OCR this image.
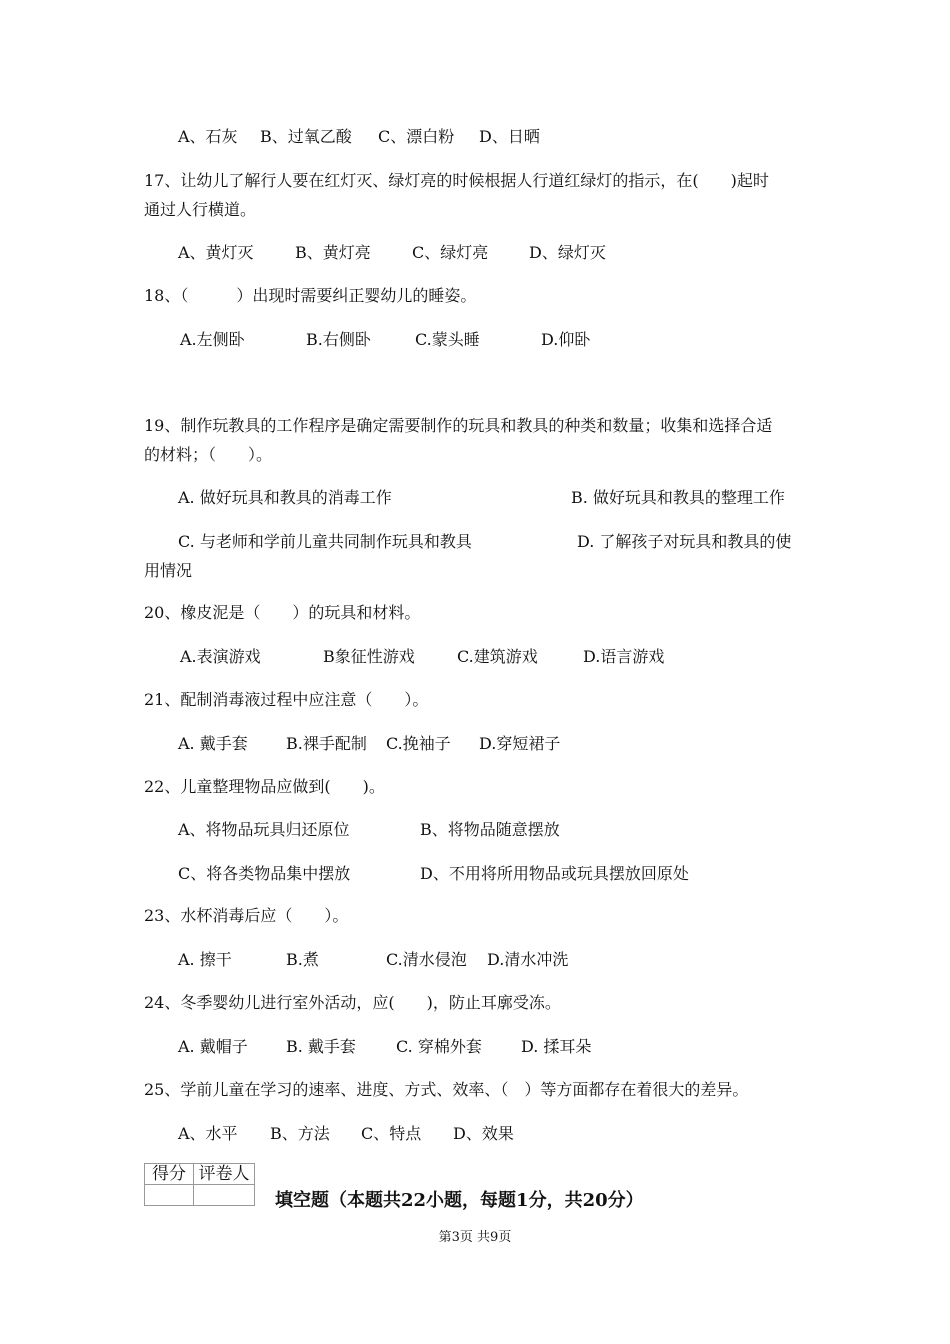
A、石灰 B、过氧乙酸 C、漂白粉 D、日晒
17、让幼儿了解行人要在红灯灭、绿灯亮的时候根据人行道红绿灯的指示，在(　　)起时
通过人行横道。
A、黄灯灭	B、黄灯亮	C、绿灯亮	D、绿灯灭
18、（　　　）出现时需要纠正婴幼儿的睡姿。
A.左侧卧	B.右侧卧	C.蒙头睡	D.仰卧
19、制作玩教具的工作程序是确定需要制作的玩具和教具的种类和数量；收集和选择合适
的材料；（　　）。
A. 做好玩具和教具的消毒工作	B. 做好玩具和教具的整理工作
C. 与老师和学前儿童共同制作玩具和教具	D. 了解孩子对玩具和教具的使
用情况
20、橡皮泥是（　　）的玩具和材料。
A.表演游戏	B象征性游戏	C.建筑游戏	D.语言游戏
21、配制消毒液过程中应注意（　　）。
A. 戴手套 B.裸手配制 C.挽袖子 D.穿短裙子
22、儿童整理物品应做到(　　)。
A、将物品玩具归还原位	B、将物品随意摆放
C、将各类物品集中摆放	D、不用将所用物品或玩具摆放回原处
23、水杯消毒后应（　　）。
A. 擦干	B.煮	C.清水侵泡 D.清水冲洗
24、冬季婴幼儿进行室外活动，应(　　)，防止耳廓受冻。
A. 戴帽子 B. 戴手套	C. 穿棉外套 D. 揉耳朵
25、学前儿童在学习的速率、进度、方式、效率、（　）等方面都存在着很大的差异。
A、水平 B、方法 C、特点 D、效果
得分	评卷人

填空题（本题共22小题，每题1分，共20分）
第3页 共9页
